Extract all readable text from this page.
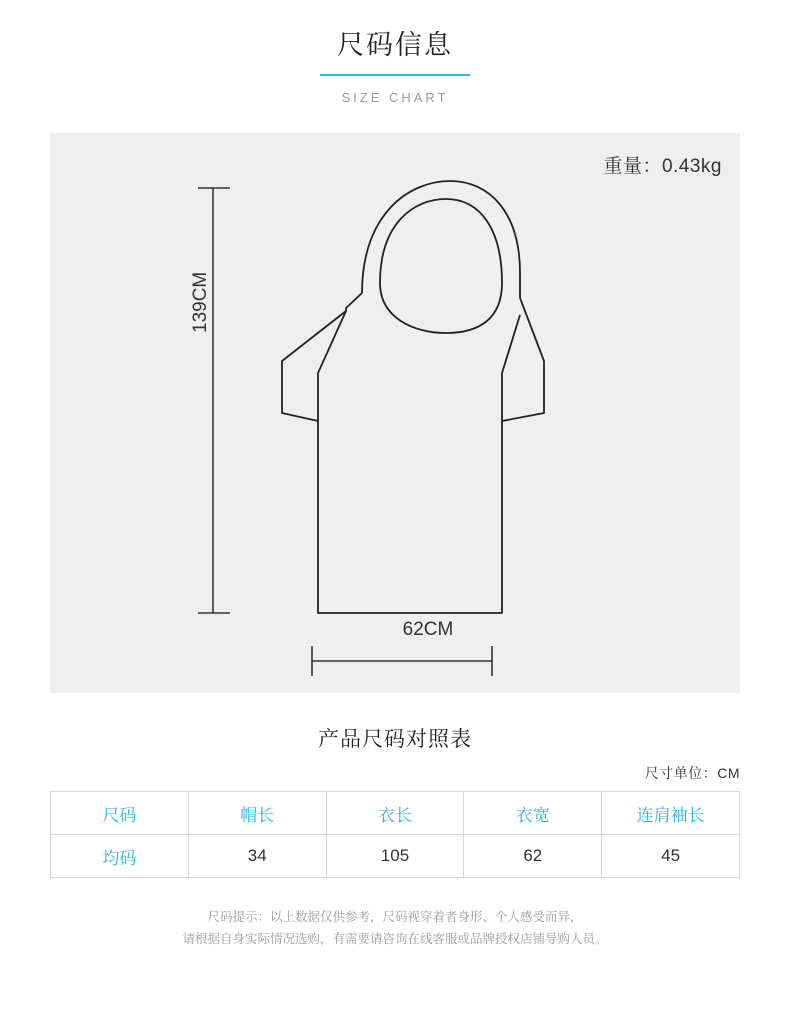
尺码信息
SIZE CHART
重量：0.43kg
139CM
62CM
产品尺码对照表
尺寸单位：CM
尺码	帽长	衣长	衣宽	连肩袖长
均码	34	105	62	45
尺码提示：以上数据仅供参考，尺码视穿着者身形、个人感受而异，
请根据自身实际情况选购，有需要请咨询在线客服或品牌授权店铺导购人员。
